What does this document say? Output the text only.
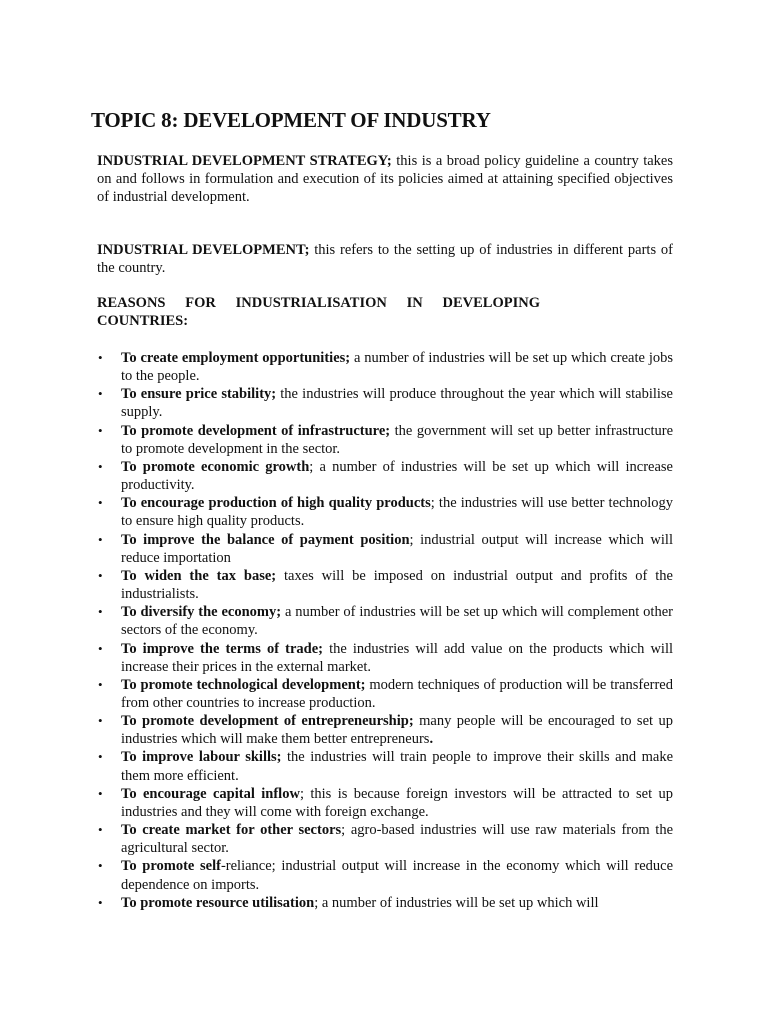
TOPIC 8: DEVELOPMENT OF INDUSTRY
INDUSTRIAL DEVELOPMENT STRATEGY; this is a broad policy guideline a country takes on and follows in formulation and execution of its policies aimed at attaining specified objectives of industrial development.
INDUSTRIAL DEVELOPMENT; this refers to the setting up of industries in different parts of the country.
REASONS FOR INDUSTRIALISATION IN DEVELOPING
COUNTRIES:
• To create employment opportunities; a number of industries will be set up which create jobs to the people.
• To ensure price stability; the industries will produce throughout the year which will stabilise supply.
• To promote development of infrastructure; the government will set up better infrastructure to promote development in the sector.
• To promote economic growth; a number of industries will be set up which will increase productivity.
• To encourage production of high quality products; the industries will use better technology to ensure high quality products.
• To improve the balance of payment position; industrial output will increase which will reduce importation
• To widen the tax base; taxes will be imposed on industrial output and profits of the industrialists.
• To diversify the economy; a number of industries will be set up which will complement other sectors of the economy.
• To improve the terms of trade; the industries will add value on the products which will increase their prices in the external market.
• To promote technological development; modern techniques of production will be transferred from other countries to increase production.
• To promote development of entrepreneurship; many people will be encouraged to set up industries which will make them better entrepreneurs.
• To improve labour skills; the industries will train people to improve their skills and make them more efficient.
• To encourage capital inflow; this is because foreign investors will be attracted to set up industries and they will come with foreign exchange.
• To create market for other sectors; agro-based industries will use raw materials from the agricultural sector.
• To promote self-reliance; industrial output will increase in the economy which will reduce dependence on imports.
• To promote resource utilisation; a number of industries will be set up which will
